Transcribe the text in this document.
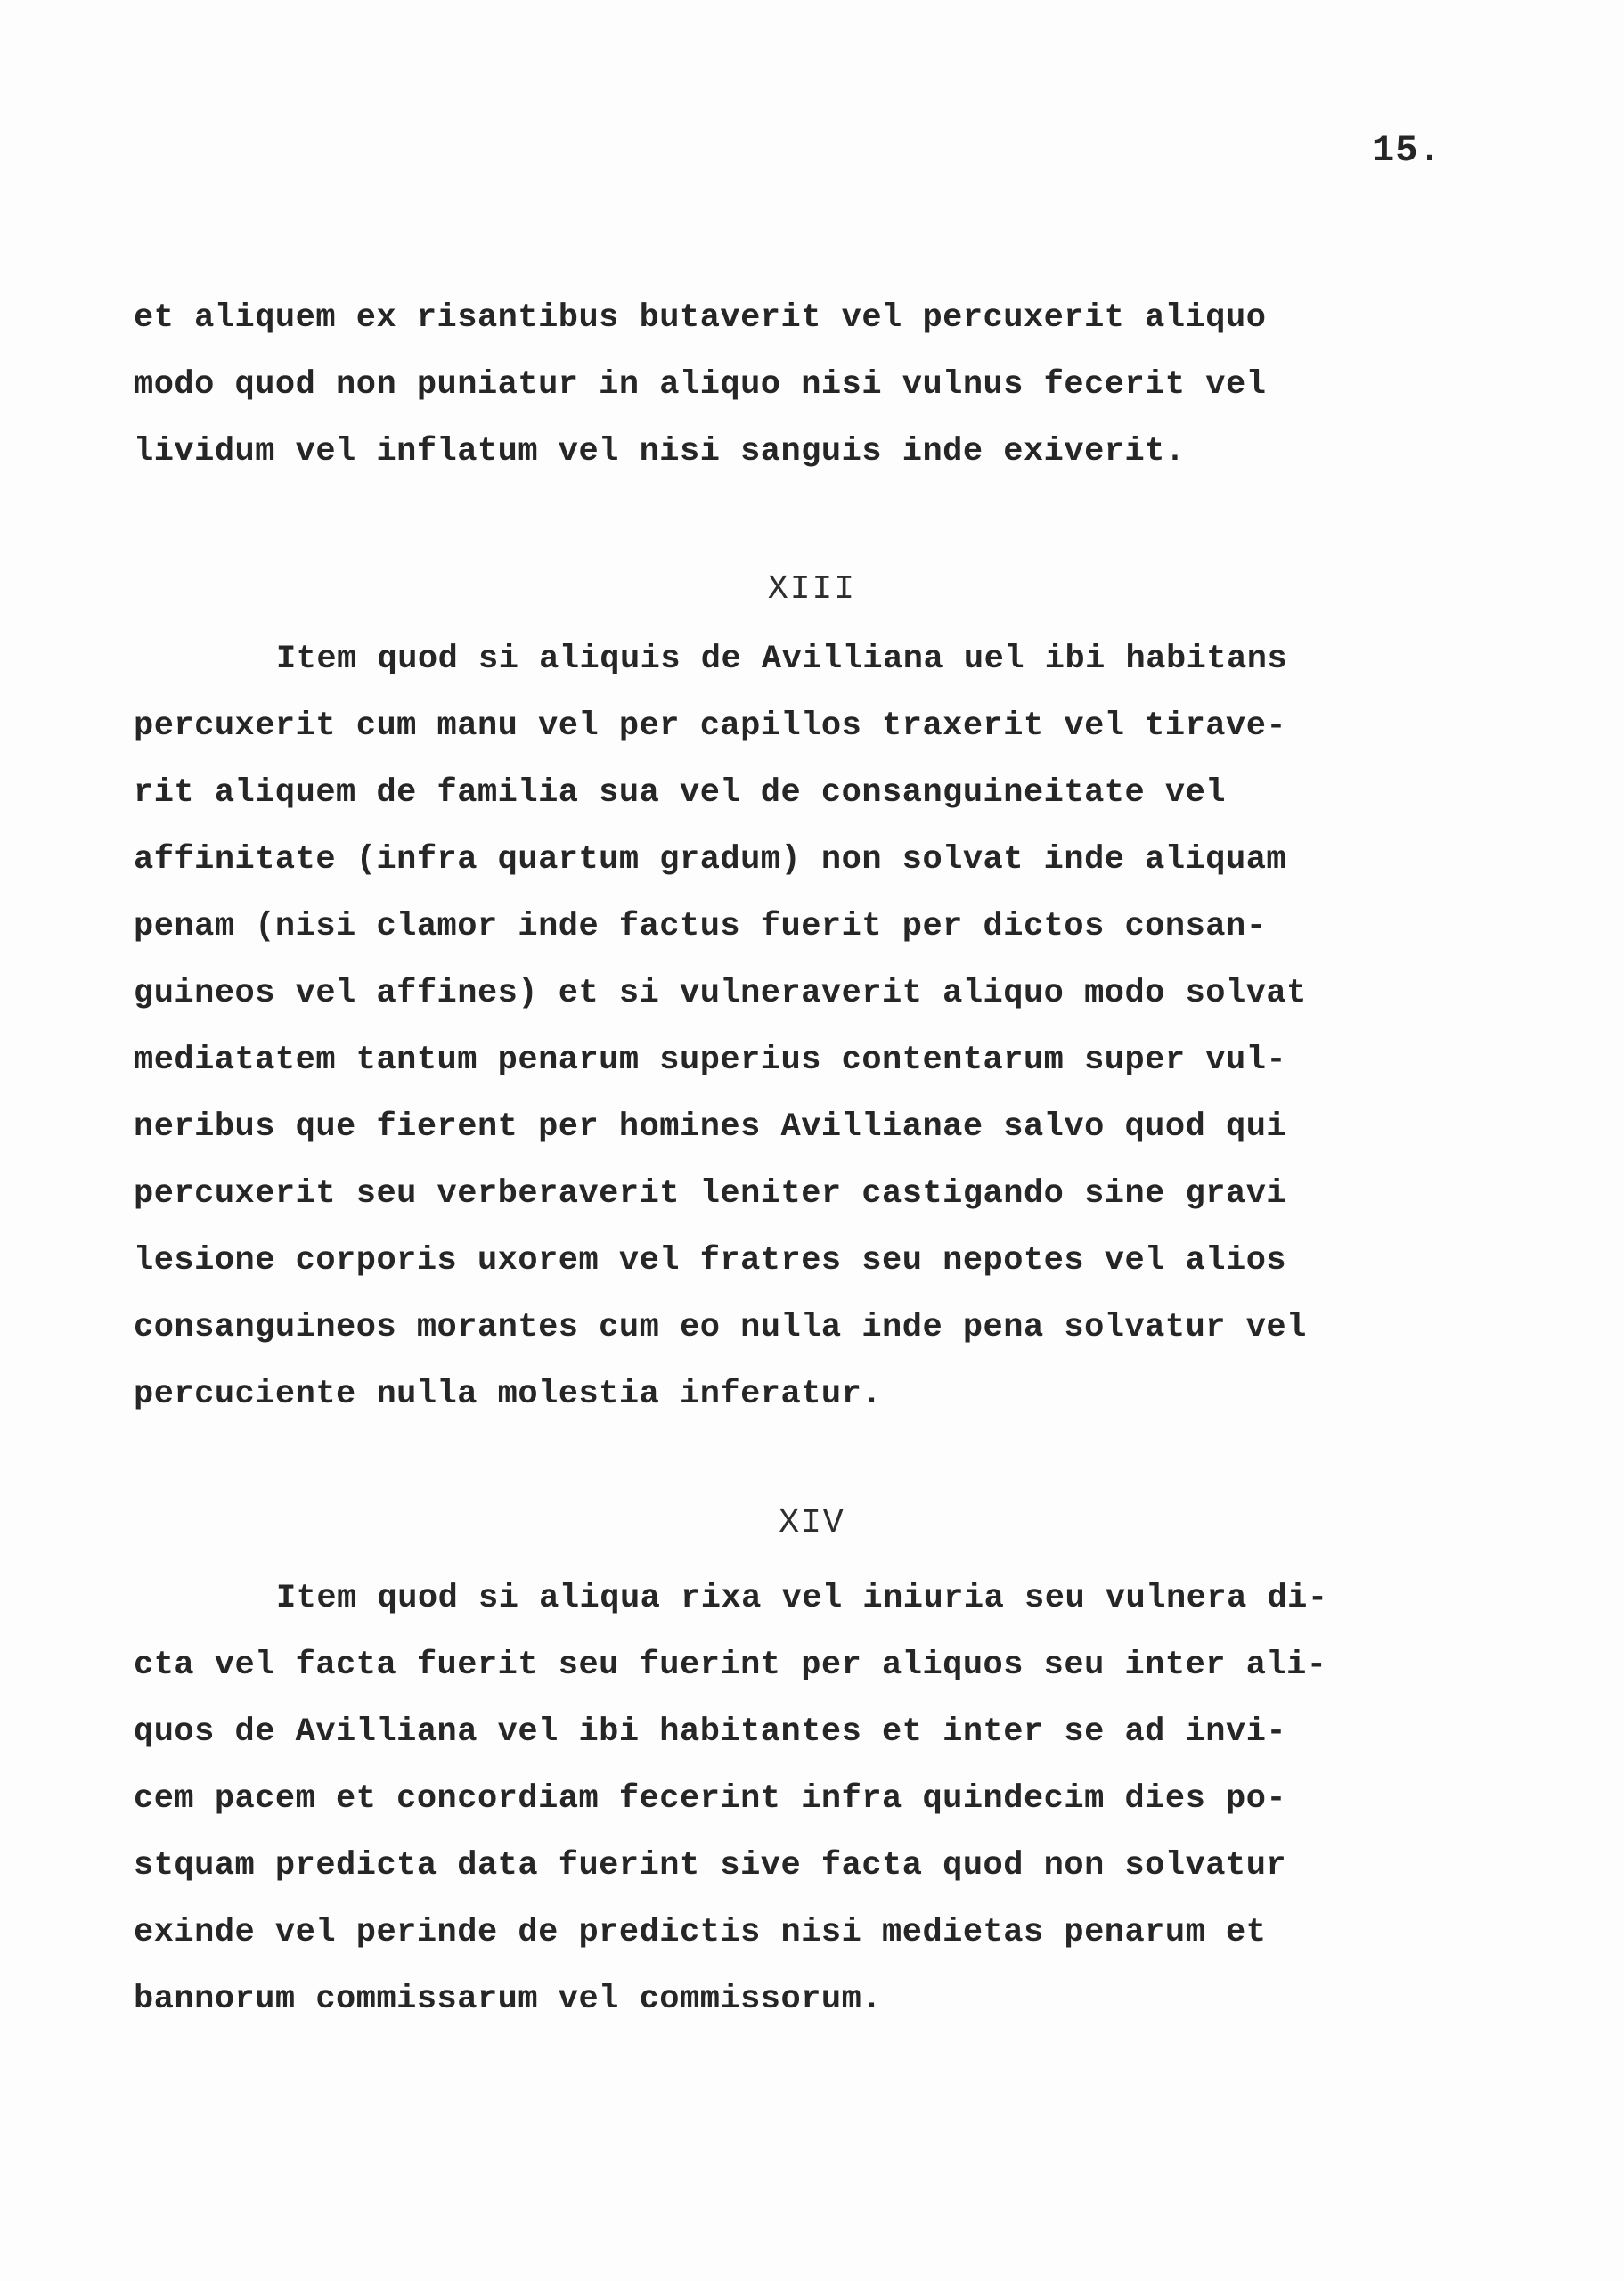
15.
et aliquem ex risantibus butaverit vel percuxerit aliquo
modo quod non puniatur in aliquo nisi vulnus fecerit vel
lividum vel inflatum vel nisi sanguis inde exiverit.
XIII
Item quod si aliquis de Avilliana uel ibi habitans
percuxerit cum manu vel per capillos traxerit vel tirave-
rit aliquem de familia sua vel de consanguineitate vel
affinitate (infra quartum gradum) non solvat inde aliquam
penam (nisi clamor inde factus fuerit per dictos consan-
guineos vel affines) et si vulneraverit aliquo modo solvat
mediatatem tantum penarum superius contentarum super vul-
neribus que fierent per homines Avillianae salvo quod qui
percuxerit seu verberaverit leniter castigando sine gravi
lesione corporis uxorem vel fratres seu nepotes vel alios
consanguineos morantes cum eo nulla inde pena solvatur vel
percuciente nulla molestia inferatur.
XIV
Item quod si aliqua rixa vel iniuria seu vulnera di-
cta vel facta fuerit seu fuerint per aliquos seu inter ali-
quos de Avilliana vel ibi habitantes et inter se ad invi-
cem pacem et concordiam fecerint infra quindecim dies po-
stquam predicta data fuerint sive facta quod non solvatur
exinde vel perinde de predictis nisi medietas penarum et
bannorum commissarum vel commissorum.
